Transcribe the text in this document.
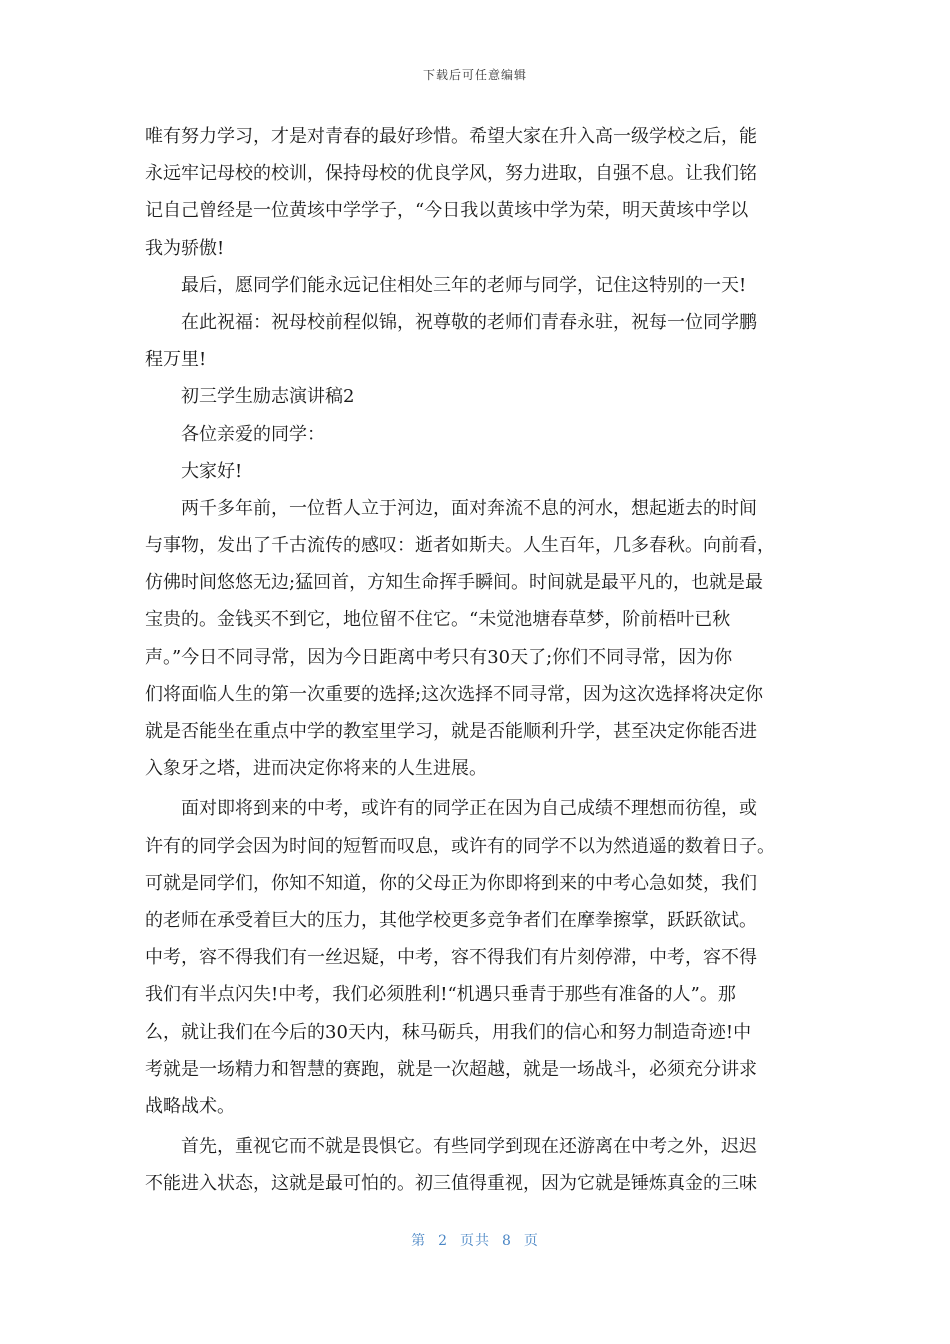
下载后可任意编辑
唯有努力学习，才是对青春的最好珍惜。希望大家在升入高一级学校之后，能
永远牢记母校的校训，保持母校的优良学风，努力进取，自强不息。让我们铭
记自己曾经是一位黄垓中学学子，“今日我以黄垓中学为荣，明天黄垓中学以
我为骄傲!
最后，愿同学们能永远记住相处三年的老师与同学，记住这特别的一天!
在此祝福：祝母校前程似锦，祝尊敬的老师们青春永驻，祝每一位同学鹏
程万里!
初三学生励志演讲稿2
各位亲爱的同学：
大家好!
两千多年前，一位哲人立于河边，面对奔流不息的河水，想起逝去的时间
与事物，发出了千古流传的感叹：逝者如斯夫。人生百年，几多春秋。向前看，
仿佛时间悠悠无边;猛回首，方知生命挥手瞬间。时间就是最平凡的，也就是最
宝贵的。金钱买不到它，地位留不住它。“未觉池塘春草梦，阶前梧叶已秋
声。”今日不同寻常，因为今日距离中考只有30天了;你们不同寻常，因为你
们将面临人生的第一次重要的选择;这次选择不同寻常，因为这次选择将决定你
就是否能坐在重点中学的教室里学习，就是否能顺利升学，甚至决定你能否进
入象牙之塔，进而决定你将来的人生进展。
面对即将到来的中考，或许有的同学正在因为自己成绩不理想而彷徨，或
许有的同学会因为时间的短暂而叹息，或许有的同学不以为然逍遥的数着日子。
可就是同学们，你知不知道，你的父母正为你即将到来的中考心急如焚，我们
的老师在承受着巨大的压力，其他学校更多竞争者们在摩拳擦掌，跃跃欲试。
中考，容不得我们有一丝迟疑，中考，容不得我们有片刻停滞，中考，容不得
我们有半点闪失!中考，我们必须胜利!“机遇只垂青于那些有准备的人”。那
么，就让我们在今后的30天内，秣马砺兵，用我们的信心和努力制造奇迹!中
考就是一场精力和智慧的赛跑，就是一次超越，就是一场战斗，必须充分讲求
战略战术。
首先，重视它而不就是畏惧它。有些同学到现在还游离在中考之外，迟迟
不能进入状态，这就是最可怕的。初三值得重视，因为它就是锤炼真金的三味
第 2 页共 8 页
